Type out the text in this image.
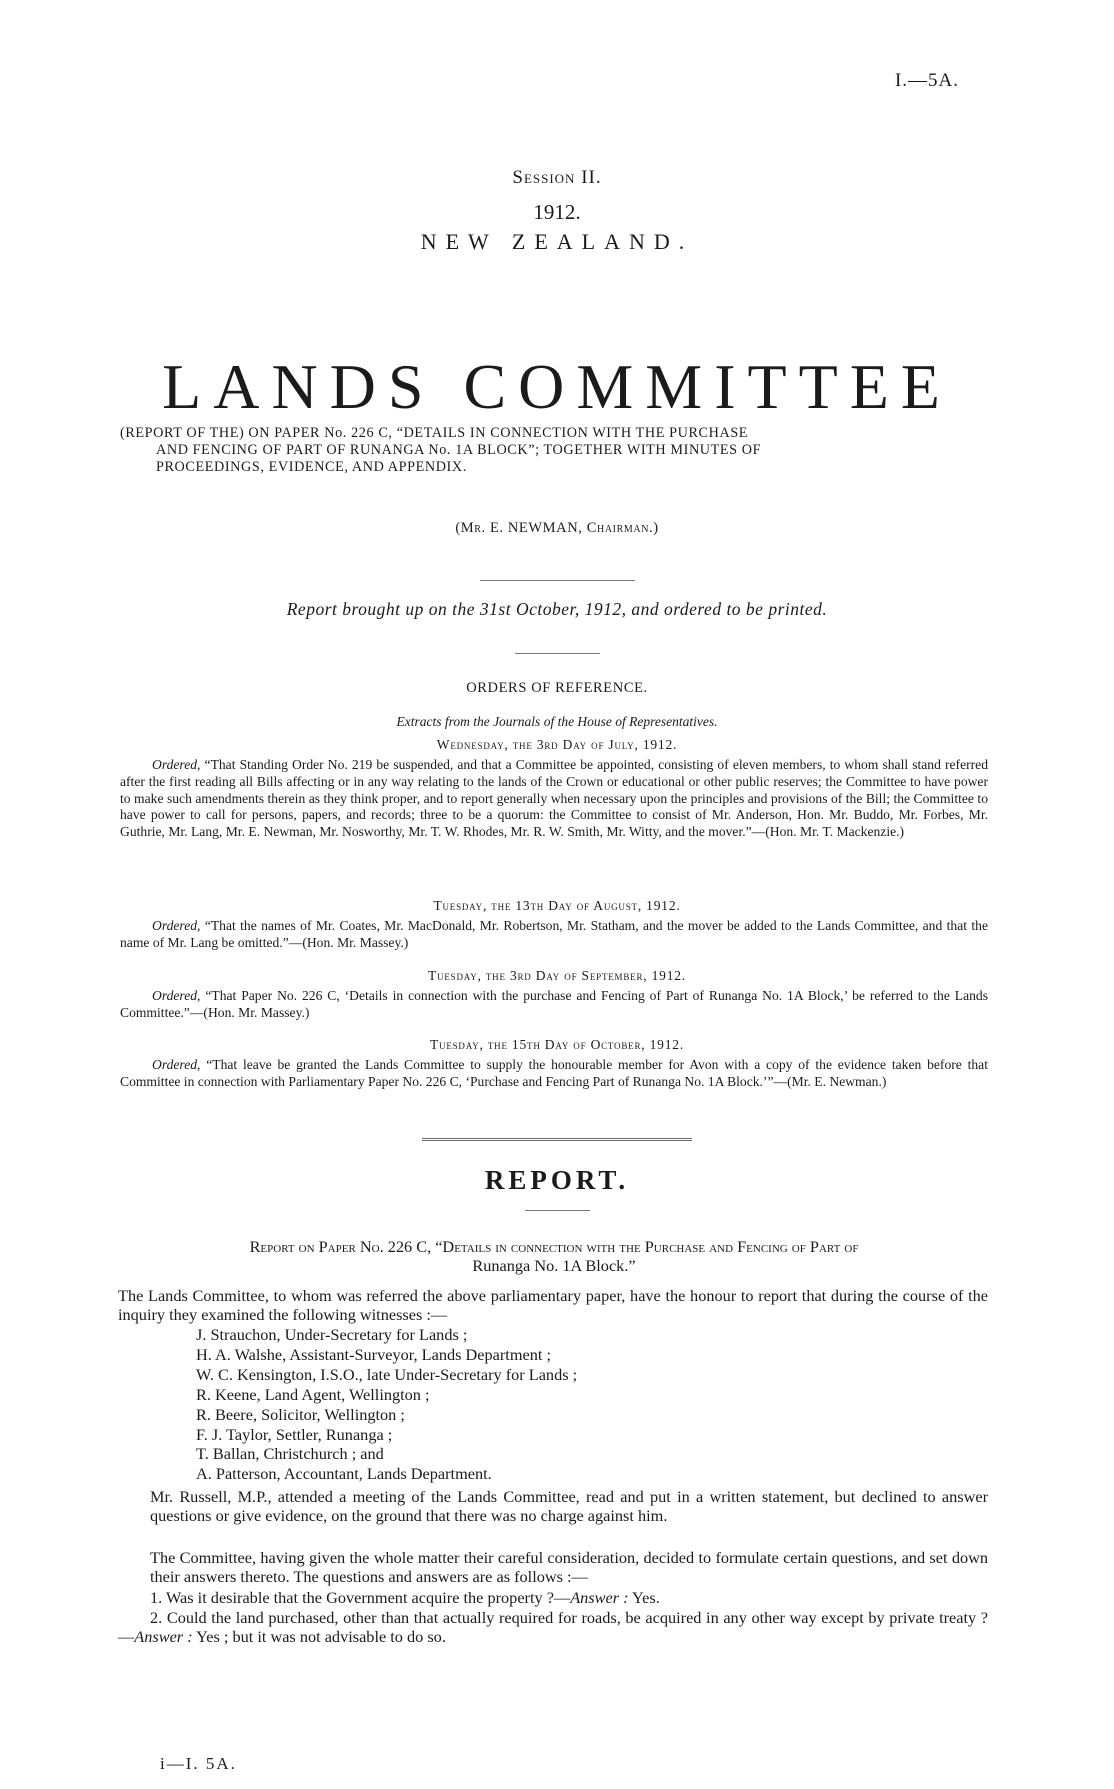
I.—5A.
Session II.
1912.
NEW ZEALAND.
LANDS COMMITTEE
(REPORT OF THE) ON PAPER No. 226 C, “DETAILS IN CONNECTION WITH THE PURCHASE
AND FENCING OF PART OF RUNANGA No. 1A BLOCK”; TOGETHER WITH MINUTES OF
PROCEEDINGS, EVIDENCE, AND APPENDIX.
(Mr. E. NEWMAN, Chairman.)
Report brought up on the 31st October, 1912, and ordered to be printed.
ORDERS OF REFERENCE.
Extracts from the Journals of the House of Representatives.
Wednesday, the 3rd Day of July, 1912.
Ordered, “That Standing Order No. 219 be suspended, and that a Committee be appointed, consisting of eleven members, to whom shall stand referred after the first reading all Bills affecting or in any way relating to the lands of the Crown or educational or other public reserves; the Committee to have power to make such amendments therein as they think proper, and to report generally when necessary upon the principles and provisions of the Bill; the Committee to have power to call for persons, papers, and records; three to be a quorum: the Committee to consist of Mr. Anderson, Hon. Mr. Buddo, Mr. Forbes, Mr. Guthrie, Mr. Lang, Mr. E. Newman, Mr. Nosworthy, Mr. T. W. Rhodes, Mr. R. W. Smith, Mr. Witty, and the mover.”—(Hon. Mr. T. Mackenzie.)
Tuesday, the 13th Day of August, 1912.
Ordered, “That the names of Mr. Coates, Mr. MacDonald, Mr. Robertson, Mr. Statham, and the mover be added to the Lands Committee, and that the name of Mr. Lang be omitted.”—(Hon. Mr. Massey.)
Tuesday, the 3rd Day of September, 1912.
Ordered, “That Paper No. 226 C, ‘Details in connection with the purchase and Fencing of Part of Runanga No. 1A Block,’ be referred to the Lands Committee.”—(Hon. Mr. Massey.)
Tuesday, the 15th Day of October, 1912.
Ordered, “That leave be granted the Lands Committee to supply the honourable member for Avon with a copy of the evidence taken before that Committee in connection with Parliamentary Paper No. 226 C, ‘Purchase and Fencing Part of Runanga No. 1A Block.’”—(Mr. E. Newman.)
REPORT.
Report on Paper No. 226 C, “Details in connection with the Purchase and Fencing of Part of
Runanga No. 1A Block.”
The Lands Committee, to whom was referred the above parliamentary paper, have the honour to report that during the course of the inquiry they examined the following witnesses :—
J. Strauchon, Under-Secretary for Lands ;
H. A. Walshe, Assistant-Surveyor, Lands Department ;
W. C. Kensington, I.S.O., late Under-Secretary for Lands ;
R. Keene, Land Agent, Wellington ;
R. Beere, Solicitor, Wellington ;
F. J. Taylor, Settler, Runanga ;
T. Ballan, Christchurch ; and
A. Patterson, Accountant, Lands Department.
Mr. Russell, M.P., attended a meeting of the Lands Committee, read and put in a written statement, but declined to answer questions or give evidence, on the ground that there was no charge against him.
The Committee, having given the whole matter their careful consideration, decided to formulate certain questions, and set down their answers thereto. The questions and answers are as follows :—
1. Was it desirable that the Government acquire the property ?—Answer : Yes.
2. Could the land purchased, other than that actually required for roads, be acquired in any other way except by private treaty ?—Answer : Yes ; but it was not advisable to do so.
i—I. 5A.
